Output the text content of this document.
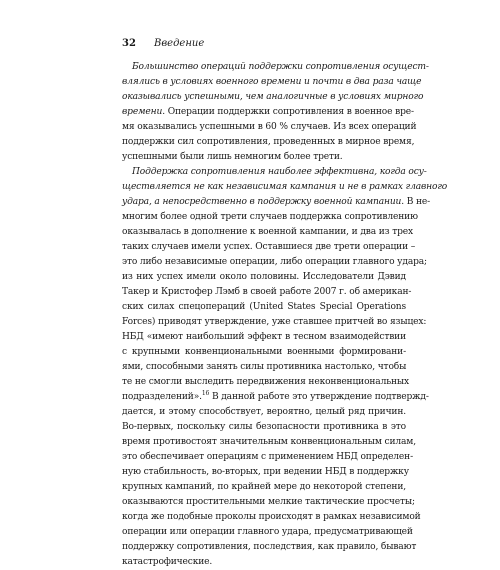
32 Введение
Большинство операций поддержки сопротивления осущест-
влялись в условиях военного времени и почти в два раза чаще
оказывались успешными, чем аналогичные в условиях мирного
времени. Операции поддержки сопротивления в военное вре-
мя оказывались успешными в 60 % случаев. Из всех операций
поддержки сил сопротивления, проведенных в мирное время,
успешными были лишь немногим более трети.
Поддержка сопротивления наиболее эффективна, когда осу-
ществляется не как независимая кампания и не в рамках главного
удара, а непосредственно в поддержку военной кампании. В не-
многим более одной трети случаев поддержка сопротивлению
оказывалась в дополнение к военной кампании, и два из трех
таких случаев имели успех. Оставшиеся две трети операции –
это либо независимые операции, либо операции главного удара;
из них успех имели около половины. Исследователи Дэвид
Такер и Кристофер Лэмб в своей работе 2007 г. об американ-
ских силах спецопераций (United States Special Operations
Forces) приводят утверждение, уже ставшее притчей во языцех:
НБД «имеют наибольший эффект в тесном взаимодействии
с крупными конвенциональными военными формировани-
ями, способными занять силы противника настолько, чтобы
те не смогли выследить передвижения неконвенциональных
подразделений».$^{16}$ В данной работе это утверждение подтвержд-
дается, и этому способствует, вероятно, целый ряд причин.
Во-первых, поскольку силы безопасности противника в это
время противостоят значительным конвенциональным силам,
это обеспечивает операциям с применением НБД определен-
ную стабильность, во-вторых, при ведении НБД в поддержку
крупных кампаний, по крайней мере до некоторой степени,
оказываются простительными мелкие тактические просчеты;
когда же подобные проколы происходят в рамках независимой
операции или операции главного удара, предусматривающей
поддержку сопротивления, последствия, как правило, бывают
катастрофические.
